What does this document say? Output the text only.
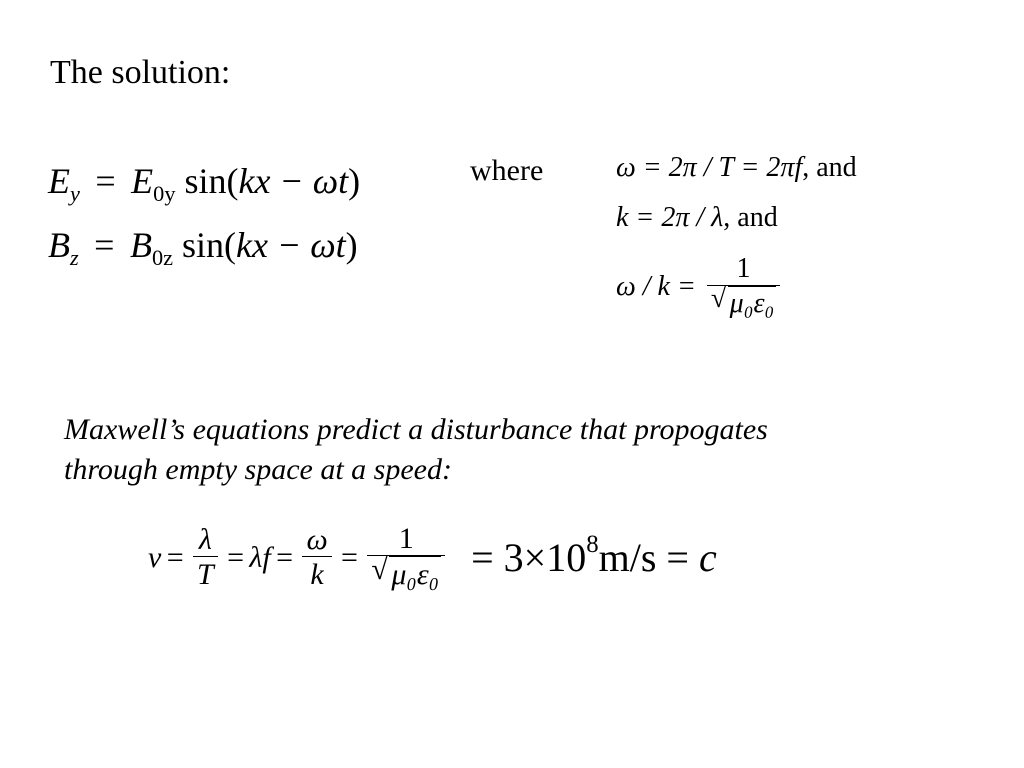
The solution:
$E_y = E_{0y}$ sin(kx − ωt)
$B_z = B_{0z}$ sin(kx − ωt)
where	ω = 2π / T = 2πf, and
k = 2π / λ, and
$\omega / k = \frac{1}{\text{√ μ₀ε₀}}$
Maxwell’s equations predict a disturbance that propogates
through empty space at a speed:
$v = \frac{\lambda}{T} = \lambda f = \frac{\omega}{k} = \frac{1}{\text{√ μ₀ε₀}} = 3\times 10^8m/s = c$
